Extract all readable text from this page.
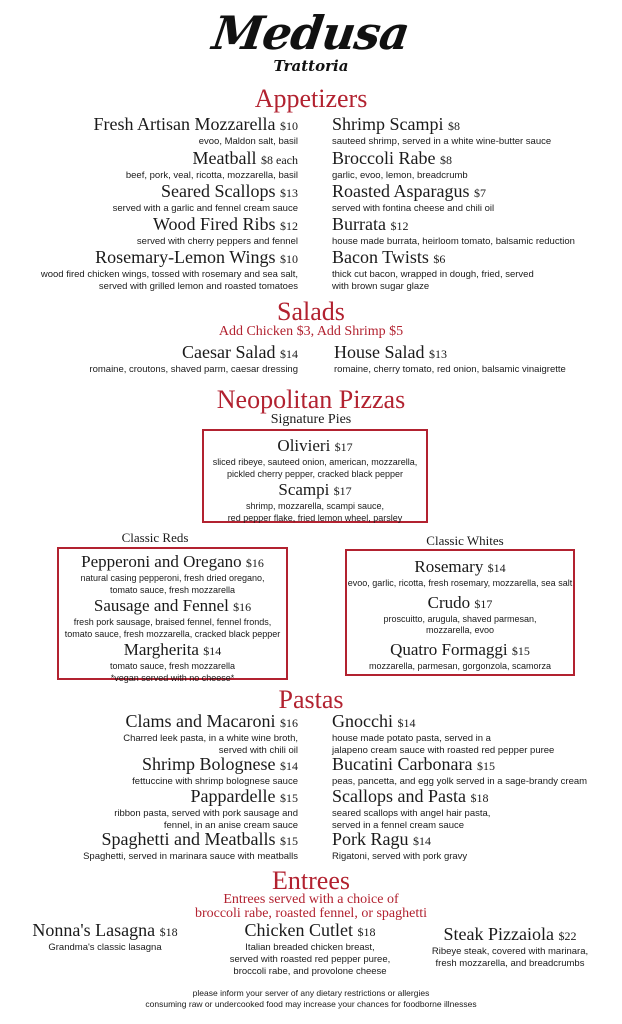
Medusa
Trattoria
Appetizers
Fresh Artisan Mozzarella $10
evoo, Maldon salt, basil
Meatball $8 each
beef, pork, veal, ricotta, mozzarella, basil
Seared Scallops $13
served with a garlic and fennel cream sauce
Wood Fired Ribs $12
served with cherry peppers and fennel
Rosemary-Lemon Wings $10
wood fired chicken wings, tossed with rosemary and sea salt,
served with grilled lemon and roasted tomatoes
Shrimp Scampi $8
sauteed shrimp, served in a white wine-butter sauce
Broccoli Rabe $8
garlic, evoo, lemon, breadcrumb
Roasted Asparagus $7
served with fontina cheese and chili oil
Burrata $12
house made burrata, heirloom tomato, balsamic reduction
Bacon Twists $6
thick cut bacon, wrapped in dough, fried, served
with brown sugar glaze
Salads
Add Chicken $3, Add Shrimp $5
Caesar Salad $14
romaine, croutons, shaved parm, caesar dressing
House Salad $13
romaine, cherry tomato, red onion, balsamic vinaigrette
Neopolitan Pizzas
Signature Pies
Olivieri $17
sliced ribeye, sauteed onion, american, mozzarella,
pickled cherry pepper, cracked black pepper
Scampi $17
shrimp, mozzarella, scampi sauce,
red pepper flake, fried lemon wheel, parsley
Classic Reds	Classic Whites
Pepperoni and Oregano $16
natural casing pepperoni, fresh dried oregano,
tomato sauce, fresh mozzarella
Sausage and Fennel $16
fresh pork sausage, braised fennel, fennel fronds,
tomato sauce, fresh mozzarella, cracked black pepper
Margherita $14
tomato sauce, fresh mozzarella
*vegan served with no cheese*
Rosemary $14
evoo, garlic, ricotta, fresh rosemary, mozzarella, sea salt
Crudo $17
proscuitto, arugula, shaved parmesan,
mozzarella, evoo
Quatro Formaggi $15
mozzarella, parmesan, gorgonzola, scamorza
Pastas
Clams and Macaroni $16
Charred leek pasta, in a white wine broth,
served with chili oil
Shrimp Bolognese $14
fettuccine with shrimp bolognese sauce
Pappardelle $15
ribbon pasta, served with pork sausage and
fennel, in an anise cream sauce
Spaghetti and Meatballs $15
Spaghetti, served in marinara sauce with meatballs
Gnocchi $14
house made potato pasta, served in a
jalapeno cream sauce with roasted red pepper puree
Bucatini Carbonara $15
peas, pancetta, and egg yolk served in a sage-brandy cream
Scallops and Pasta $18
seared scallops with angel hair pasta,
served in a fennel cream sauce
Pork Ragu $14
Rigatoni, served with pork gravy
Entrees
Entrees served with a choice of
broccoli rabe, roasted fennel, or spaghetti
Nonna's Lasagna $18
Grandma's classic lasagna
Chicken Cutlet $18
Italian breaded chicken breast,
served with roasted red pepper puree,
broccoli rabe, and provolone cheese
Steak Pizzaiola $22
Ribeye steak, covered with marinara,
fresh mozzarella, and breadcrumbs
please inform your server of any dietary restrictions or allergies
consuming raw or undercooked food may increase your chances for foodborne illnesses
